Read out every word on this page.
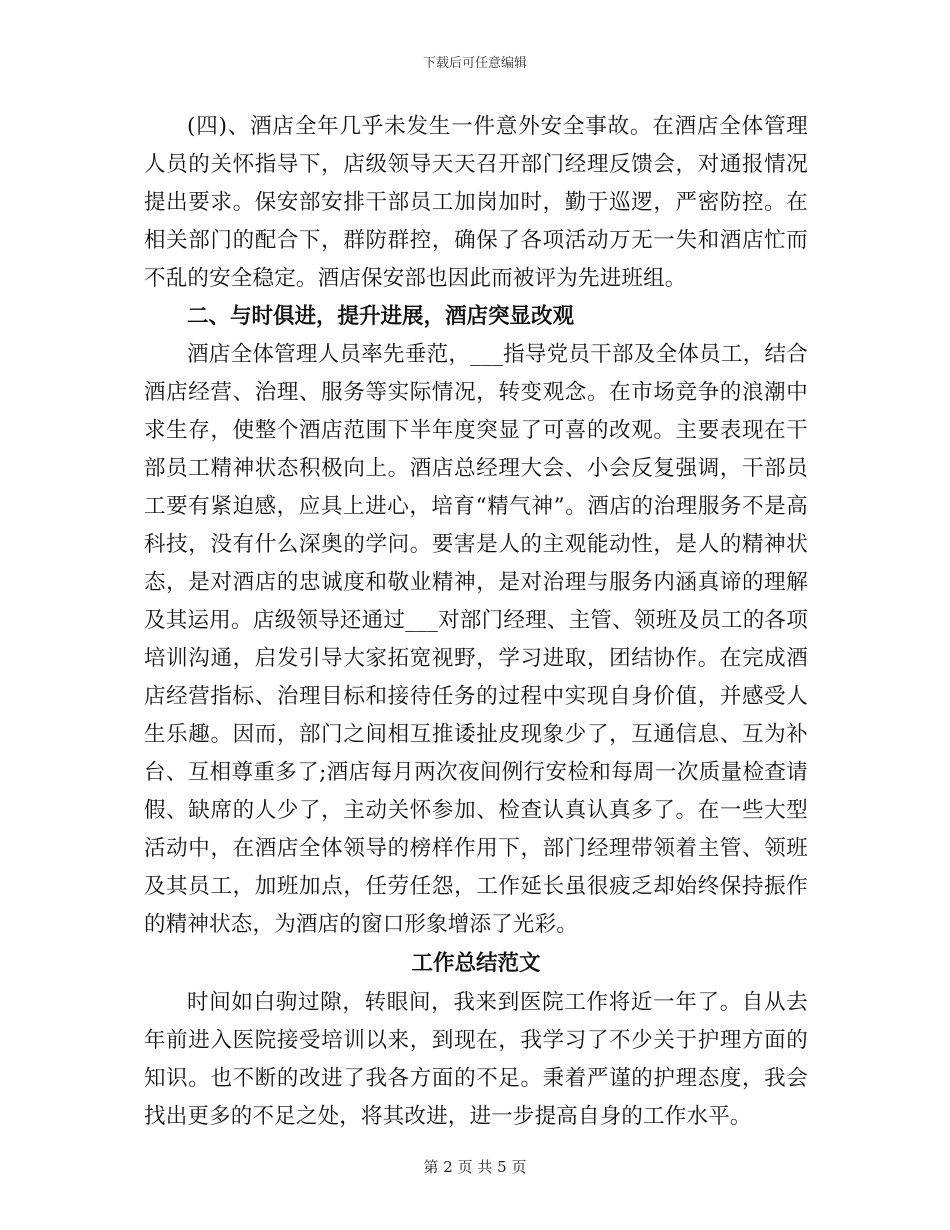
下载后可任意编辑

(四)、酒店全年几乎未发生一件意外安全事故。在酒店全体管理人员的关怀指导下，店级领导天天召开部门经理反馈会，对通报情况提出要求。保安部安排干部员工加岗加时，勤于巡逻，严密防控。在相关部门的配合下，群防群控，确保了各项活动万无一失和酒店忙而不乱的安全稳定。酒店保安部也因此而被评为先进班组。

二、与时俱进，提升进展，酒店突显改观

酒店全体管理人员率先垂范，___指导党员干部及全体员工，结合酒店经营、治理、服务等实际情况，转变观念。在市场竞争的浪潮中求生存，使整个酒店范围下半年度突显了可喜的改观。主要表现在干部员工精神状态积极向上。酒店总经理大会、小会反复强调，干部员工要有紧迫感，应具上进心，培育“精气神”。酒店的治理服务不是高科技，没有什么深奥的学问。要害是人的主观能动性，是人的精神状态，是对酒店的忠诚度和敬业精神，是对治理与服务内涵真谛的理解及其运用。店级领导还通过___对部门经理、主管、领班及员工的各项培训沟通，启发引导大家拓宽视野，学习进取，团结协作。在完成酒店经营指标、治理目标和接待任务的过程中实现自身价值，并感受人生乐趣。因而，部门之间相互推诿扯皮现象少了，互通信息、互为补台、互相尊重多了;酒店每月两次夜间例行安检和每周一次质量检查请假、缺席的人少了，主动关怀参加、检查认真认真多了。在一些大型活动中，在酒店全体领导的榜样作用下，部门经理带领着主管、领班及其员工，加班加点，任劳任怨，工作延长虽很疲乏却始终保持振作的精神状态，为酒店的窗口形象增添了光彩。

工作总结范文

时间如白驹过隙，转眼间，我来到医院工作将近一年了。自从去年前进入医院接受培训以来，到现在，我学习了不少关于护理方面的知识。也不断的改进了我各方面的不足。秉着严谨的护理态度，我会找出更多的不足之处，将其改进，进一步提高自身的工作水平。

第 2 页 共 5 页
